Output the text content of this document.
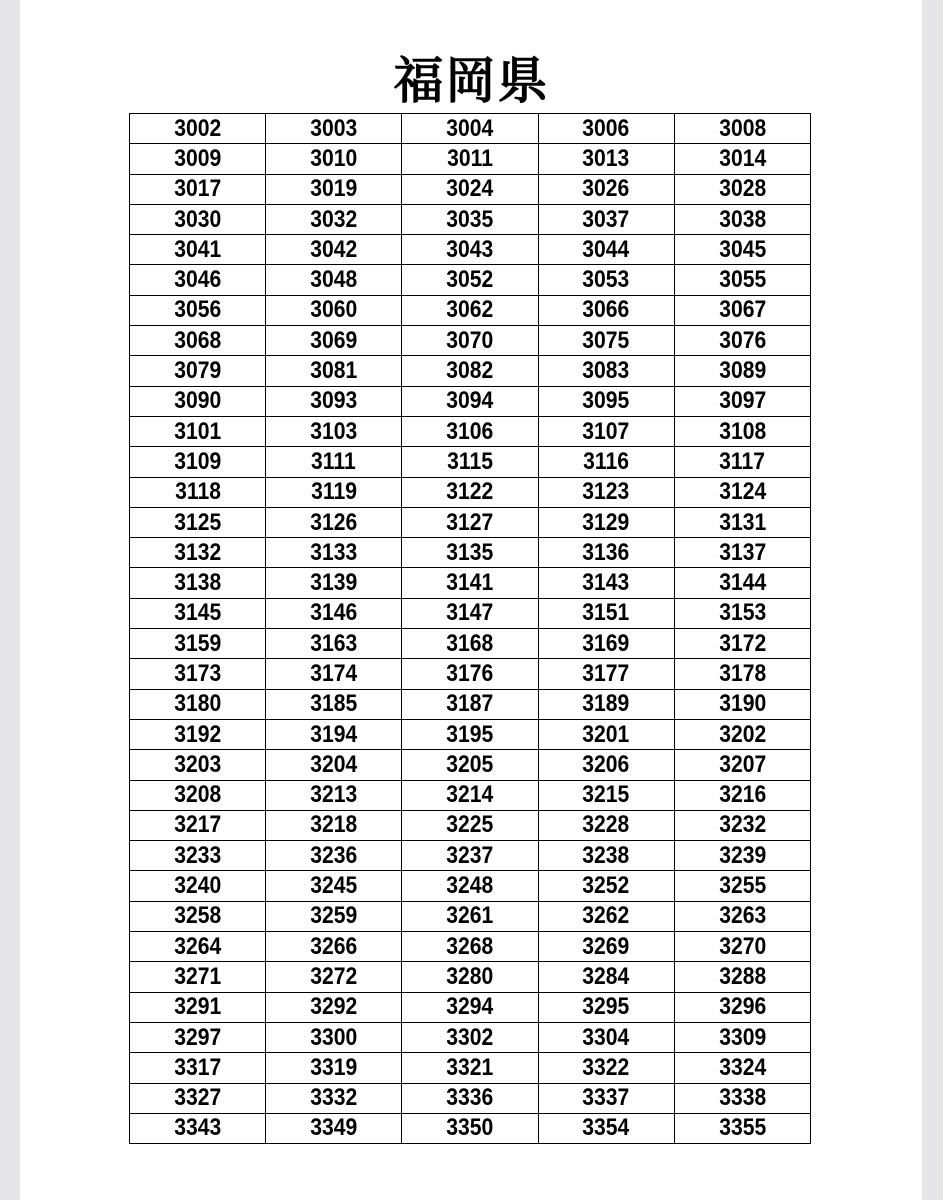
福岡県
3002	3003	3004	3006	3008
3009	3010	3011	3013	3014
3017	3019	3024	3026	3028
3030	3032	3035	3037	3038
3041	3042	3043	3044	3045
3046	3048	3052	3053	3055
3056	3060	3062	3066	3067
3068	3069	3070	3075	3076
3079	3081	3082	3083	3089
3090	3093	3094	3095	3097
3101	3103	3106	3107	3108
3109	3111	3115	3116	3117
3118	3119	3122	3123	3124
3125	3126	3127	3129	3131
3132	3133	3135	3136	3137
3138	3139	3141	3143	3144
3145	3146	3147	3151	3153
3159	3163	3168	3169	3172
3173	3174	3176	3177	3178
3180	3185	3187	3189	3190
3192	3194	3195	3201	3202
3203	3204	3205	3206	3207
3208	3213	3214	3215	3216
3217	3218	3225	3228	3232
3233	3236	3237	3238	3239
3240	3245	3248	3252	3255
3258	3259	3261	3262	3263
3264	3266	3268	3269	3270
3271	3272	3280	3284	3288
3291	3292	3294	3295	3296
3297	3300	3302	3304	3309
3317	3319	3321	3322	3324
3327	3332	3336	3337	3338
3343	3349	3350	3354	3355
